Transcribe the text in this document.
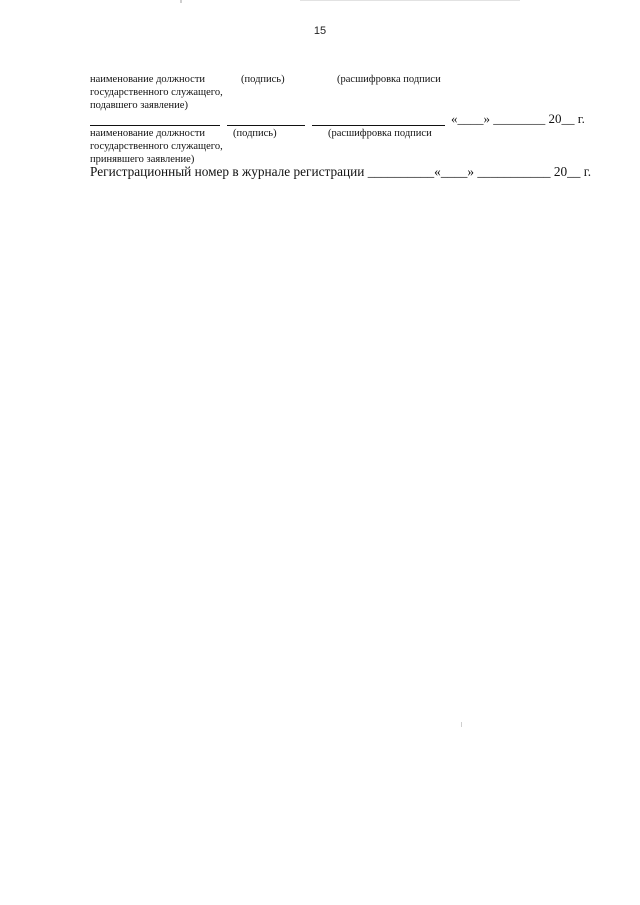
15
наименование должности
государственного служащего,
подавшего заявление)
(подпись)	(расшифровка подписи
«____» ________ 20__ г.
наименование должности
государственного служащего,
принявшего заявление)
(подпись)	(расшифровка подписи
Регистрационный номер в журнале регистрации __________«____» ___________ 20__ г.
